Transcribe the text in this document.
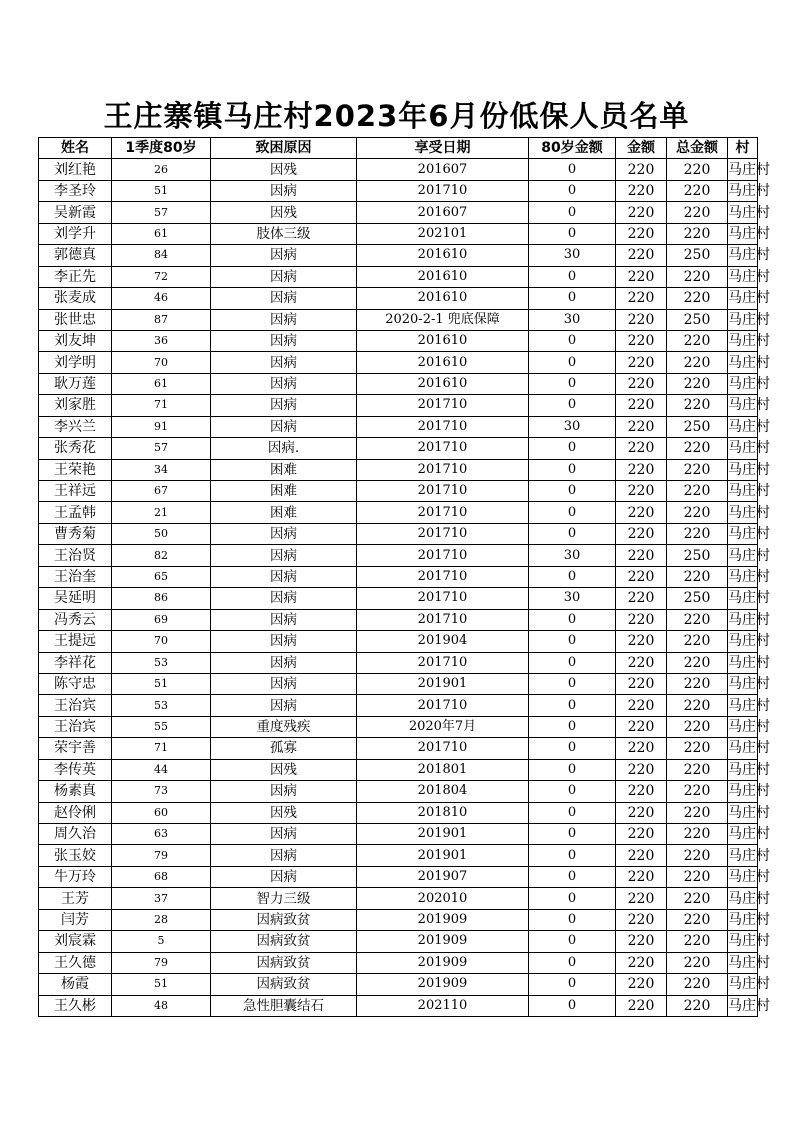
王庄寨镇马庄村2023年6月份低保人员名单
姓名	1季度80岁	致困原因	享受日期	80岁金额	金额	总金额	村
刘红艳	26	因残	201607	0	220	220	马庄村
李圣玲	51	因病	201710	0	220	220	马庄村
吴新霞	57	因残	201607	0	220	220	马庄村
刘学升	61	肢体三级	202101	0	220	220	马庄村
郭德真	84	因病	201610	30	220	250	马庄村
李正先	72	因病	201610	0	220	220	马庄村
张麦成	46	因病	201610	0	220	220	马庄村
张世忠	87	因病	2020-2-1 兜底保障	30	220	250	马庄村
刘友坤	36	因病	201610	0	220	220	马庄村
刘学明	70	因病	201610	0	220	220	马庄村
耿万莲	61	因病	201610	0	220	220	马庄村
刘家胜	71	因病	201710	0	220	220	马庄村
李兴兰	91	因病	201710	30	220	250	马庄村
张秀花	57	因病.	201710	0	220	220	马庄村
王荣艳	34	困难	201710	0	220	220	马庄村
王祥远	67	困难	201710	0	220	220	马庄村
王孟韩	21	困难	201710	0	220	220	马庄村
曹秀菊	50	因病	201710	0	220	220	马庄村
王治贤	82	因病	201710	30	220	250	马庄村
王治奎	65	因病	201710	0	220	220	马庄村
吴延明	86	因病	201710	30	220	250	马庄村
冯秀云	69	因病	201710	0	220	220	马庄村
王提远	70	因病	201904	0	220	220	马庄村
李祥花	53	因病	201710	0	220	220	马庄村
陈守忠	51	因病	201901	0	220	220	马庄村
王治宾	53	因病	201710	0	220	220	马庄村
王治宾	55	重度残疾	2020年7月	0	220	220	马庄村
荣宇善	71	孤寡	201710	0	220	220	马庄村
李传英	44	因残	201801	0	220	220	马庄村
杨素真	73	因病	201804	0	220	220	马庄村
赵伶俐	60	因残	201810	0	220	220	马庄村
周久治	63	因病	201901	0	220	220	马庄村
张玉姣	79	因病	201901	0	220	220	马庄村
牛万玲	68	因病	201907	0	220	220	马庄村
王芳	37	智力三级	202010	0	220	220	马庄村
闫芳	28	因病致贫	201909	0	220	220	马庄村
刘宸霖	5	因病致贫	201909	0	220	220	马庄村
王久德	79	因病致贫	201909	0	220	220	马庄村
杨霞	51	因病致贫	201909	0	220	220	马庄村
王久彬	48	急性胆囊结石	202110	0	220	220	马庄村
